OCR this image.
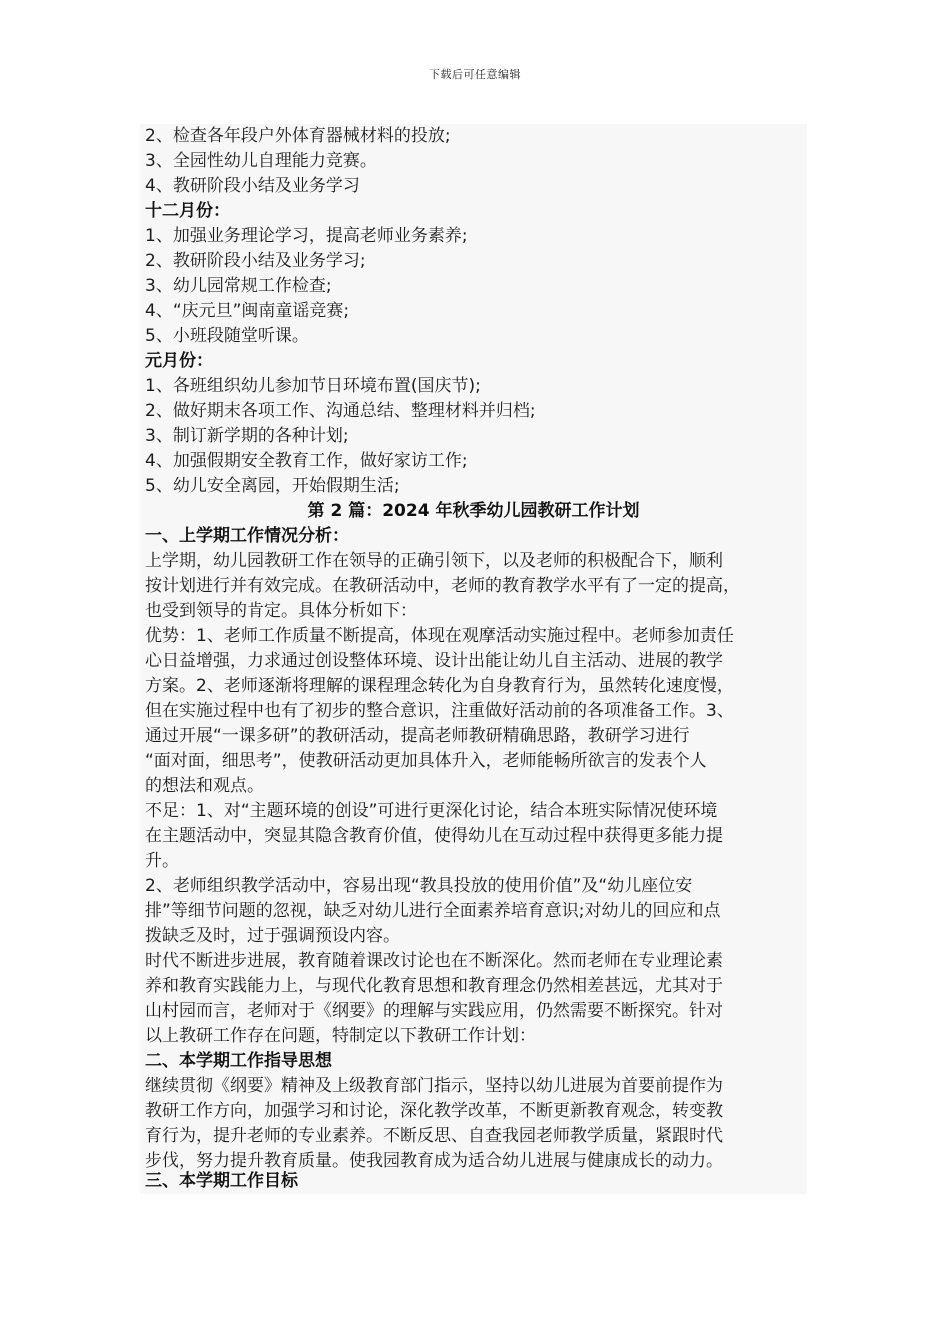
下载后可任意编辑
2、检查各年段户外体育器械材料的投放;
3、全园性幼儿自理能力竞赛。
4、教研阶段小结及业务学习
十二月份：
1、加强业务理论学习，提高老师业务素养;
2、教研阶段小结及业务学习;
3、幼儿园常规工作检查;
4、“庆元旦”闽南童谣竞赛;
5、小班段随堂听课。
元月份：
1、各班组织幼儿参加节日环境布置(国庆节);
2、做好期末各项工作、沟通总结、整理材料并归档;
3、制订新学期的各种计划;
4、加强假期安全教育工作，做好家访工作;
5、幼儿安全离园，开始假期生活;
第 2 篇：2024 年秋季幼儿园教研工作计划
一、上学期工作情况分析：
上学期，幼儿园教研工作在领导的正确引领下，以及老师的积极配合下，顺利
按计划进行并有效完成。在教研活动中，老师的教育教学水平有了一定的提高，
也受到领导的肯定。具体分析如下：
优势：1、老师工作质量不断提高，体现在观摩活动实施过程中。老师参加责任
心日益增强，力求通过创设整体环境、设计出能让幼儿自主活动、进展的教学
方案。2、老师逐渐将理解的课程理念转化为自身教育行为，虽然转化速度慢，
但在实施过程中也有了初步的整合意识，注重做好活动前的各项准备工作。3、
通过开展“一课多研”的教研活动，提高老师教研精确思路，教研学习进行
“面对面，细思考”，使教研活动更加具体升入，老师能畅所欲言的发表个人
的想法和观点。
不足：1、对“主题环境的创设”可进行更深化讨论，结合本班实际情况使环境
在主题活动中，突显其隐含教育价值，使得幼儿在互动过程中获得更多能力提
升。
2、老师组织教学活动中，容易出现“教具投放的使用价值”及“幼儿座位安
排”等细节问题的忽视，缺乏对幼儿进行全面素养培育意识;对幼儿的回应和点
拨缺乏及时，过于强调预设内容。
时代不断进步进展，教育随着课改讨论也在不断深化。然而老师在专业理论素
养和教育实践能力上，与现代化教育思想和教育理念仍然相差甚远，尤其对于
山村园而言，老师对于《纲要》的理解与实践应用，仍然需要不断探究。针对
以上教研工作存在问题，特制定以下教研工作计划：
二、本学期工作指导思想
继续贯彻《纲要》精神及上级教育部门指示，坚持以幼儿进展为首要前提作为
教研工作方向，加强学习和讨论，深化教学改革，不断更新教育观念，转变教
育行为，提升老师的专业素养。不断反思、自查我园老师教学质量，紧跟时代
步伐，努力提升教育质量。使我园教育成为适合幼儿进展与健康成长的动力。
三、本学期工作目标
